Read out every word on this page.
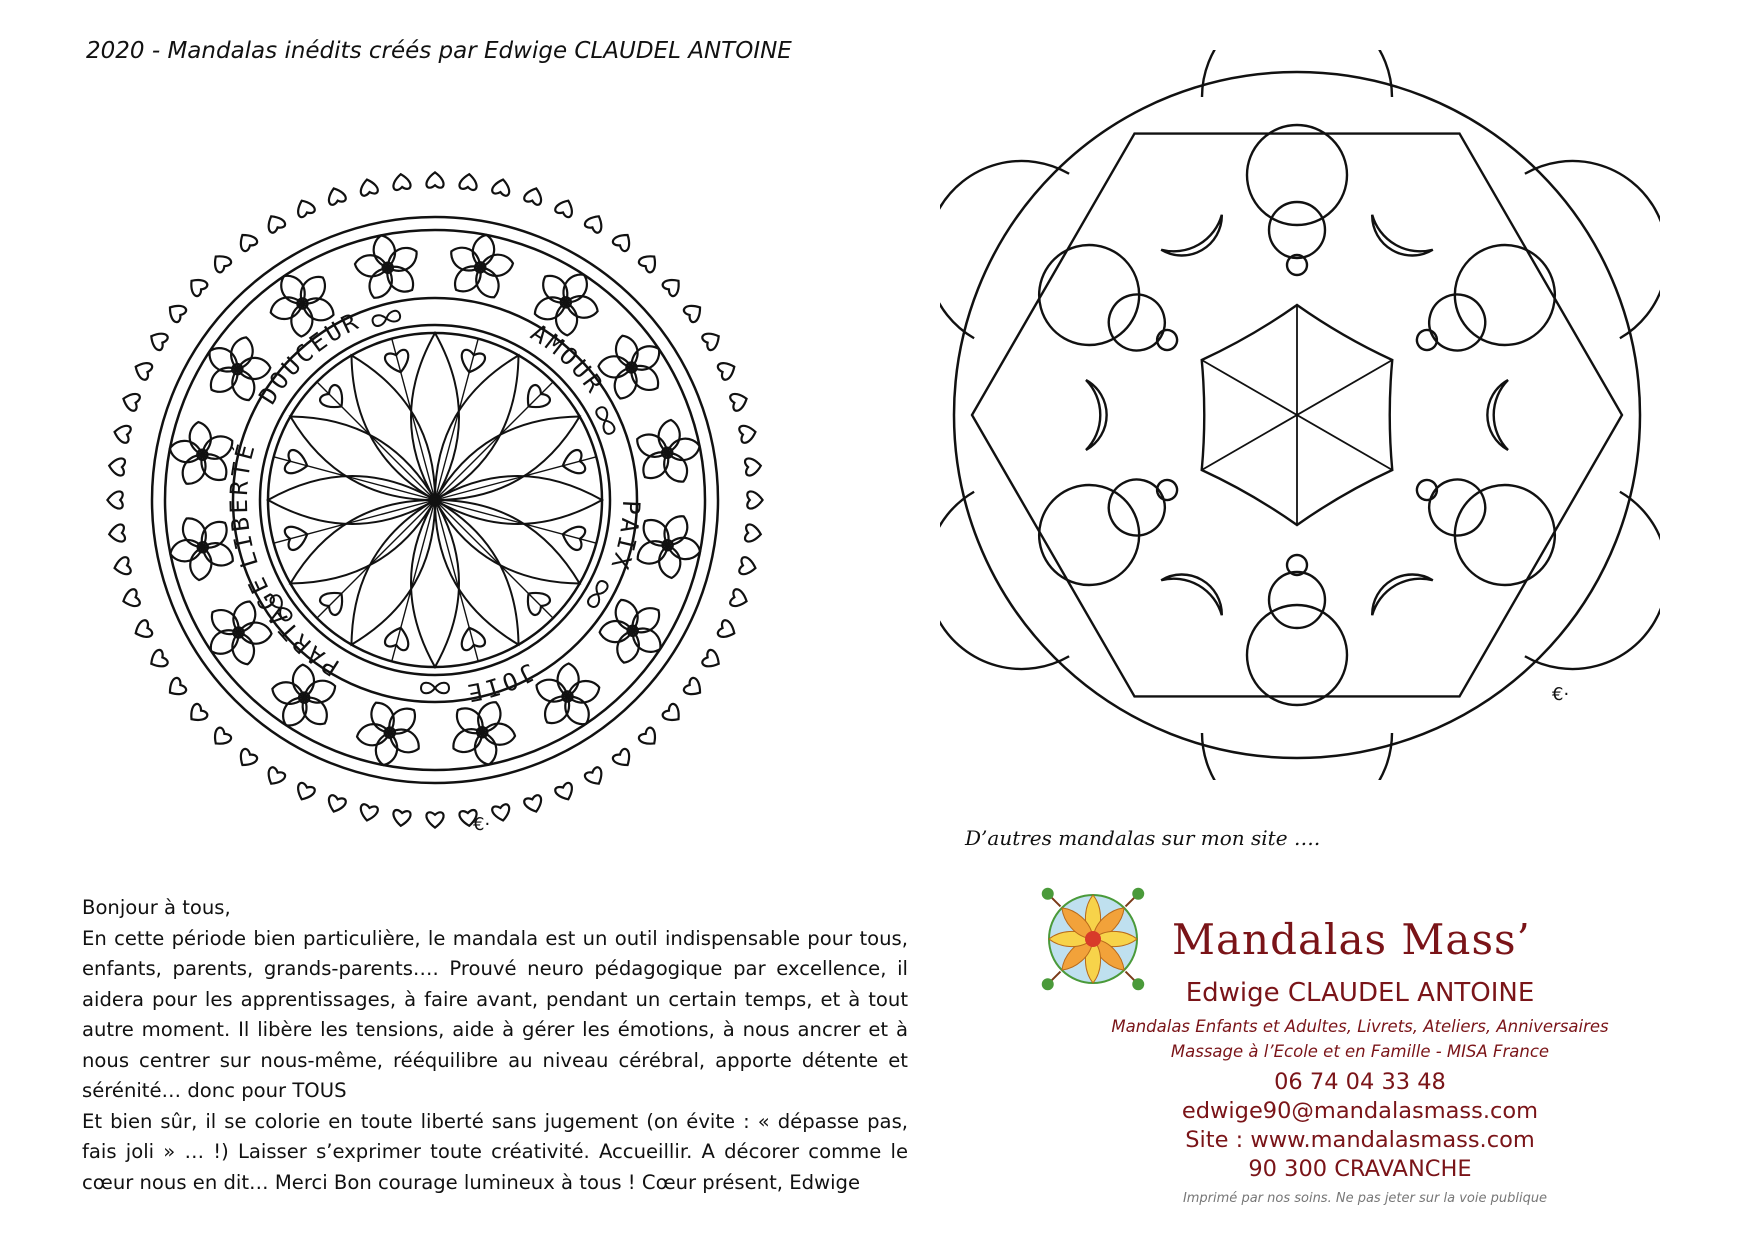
2020 - Mandalas inédits créés par Edwige CLAUDEL ANTOINE
DOUCEUR	AMOUR
PAIX
JOIE
PARTAGE
LIBERTÉ
€·
€·
D’autres mandalas sur mon site ….

Bonjour à tous,

En cette période bien particulière, le mandala est un outil indispensable pour tous, enfants, parents, grands-parents…. Prouvé neuro pédagogique par excellence, il aidera pour les apprentissages, à faire avant, pendant un certain temps, et à tout autre moment. Il libère les tensions, aide à gérer les émotions, à nous ancrer et à nous centrer sur nous-même, rééquilibre au niveau cérébral, apporte détente et sérénité… donc pour TOUS

Et bien sûr, il se colorie en toute liberté sans jugement (on évite : « dépasse pas, fais joli » … !) Laisser s’exprimer toute créativité. Accueillir. A décorer comme le cœur nous en dit… Merci Bon courage lumineux à tous ! Cœur présent, Edwige

Mandalas Mass’
Edwige CLAUDEL ANTOINE
Mandalas Enfants et Adultes, Livrets, Ateliers, Anniversaires
Massage à l’Ecole et en Famille - MISA France
06 74 04 33 48
edwige90@mandalasmass.com
Site : www.mandalasmass.com
90 300 CRAVANCHE
Imprimé par nos soins. Ne pas jeter sur la voie publique
